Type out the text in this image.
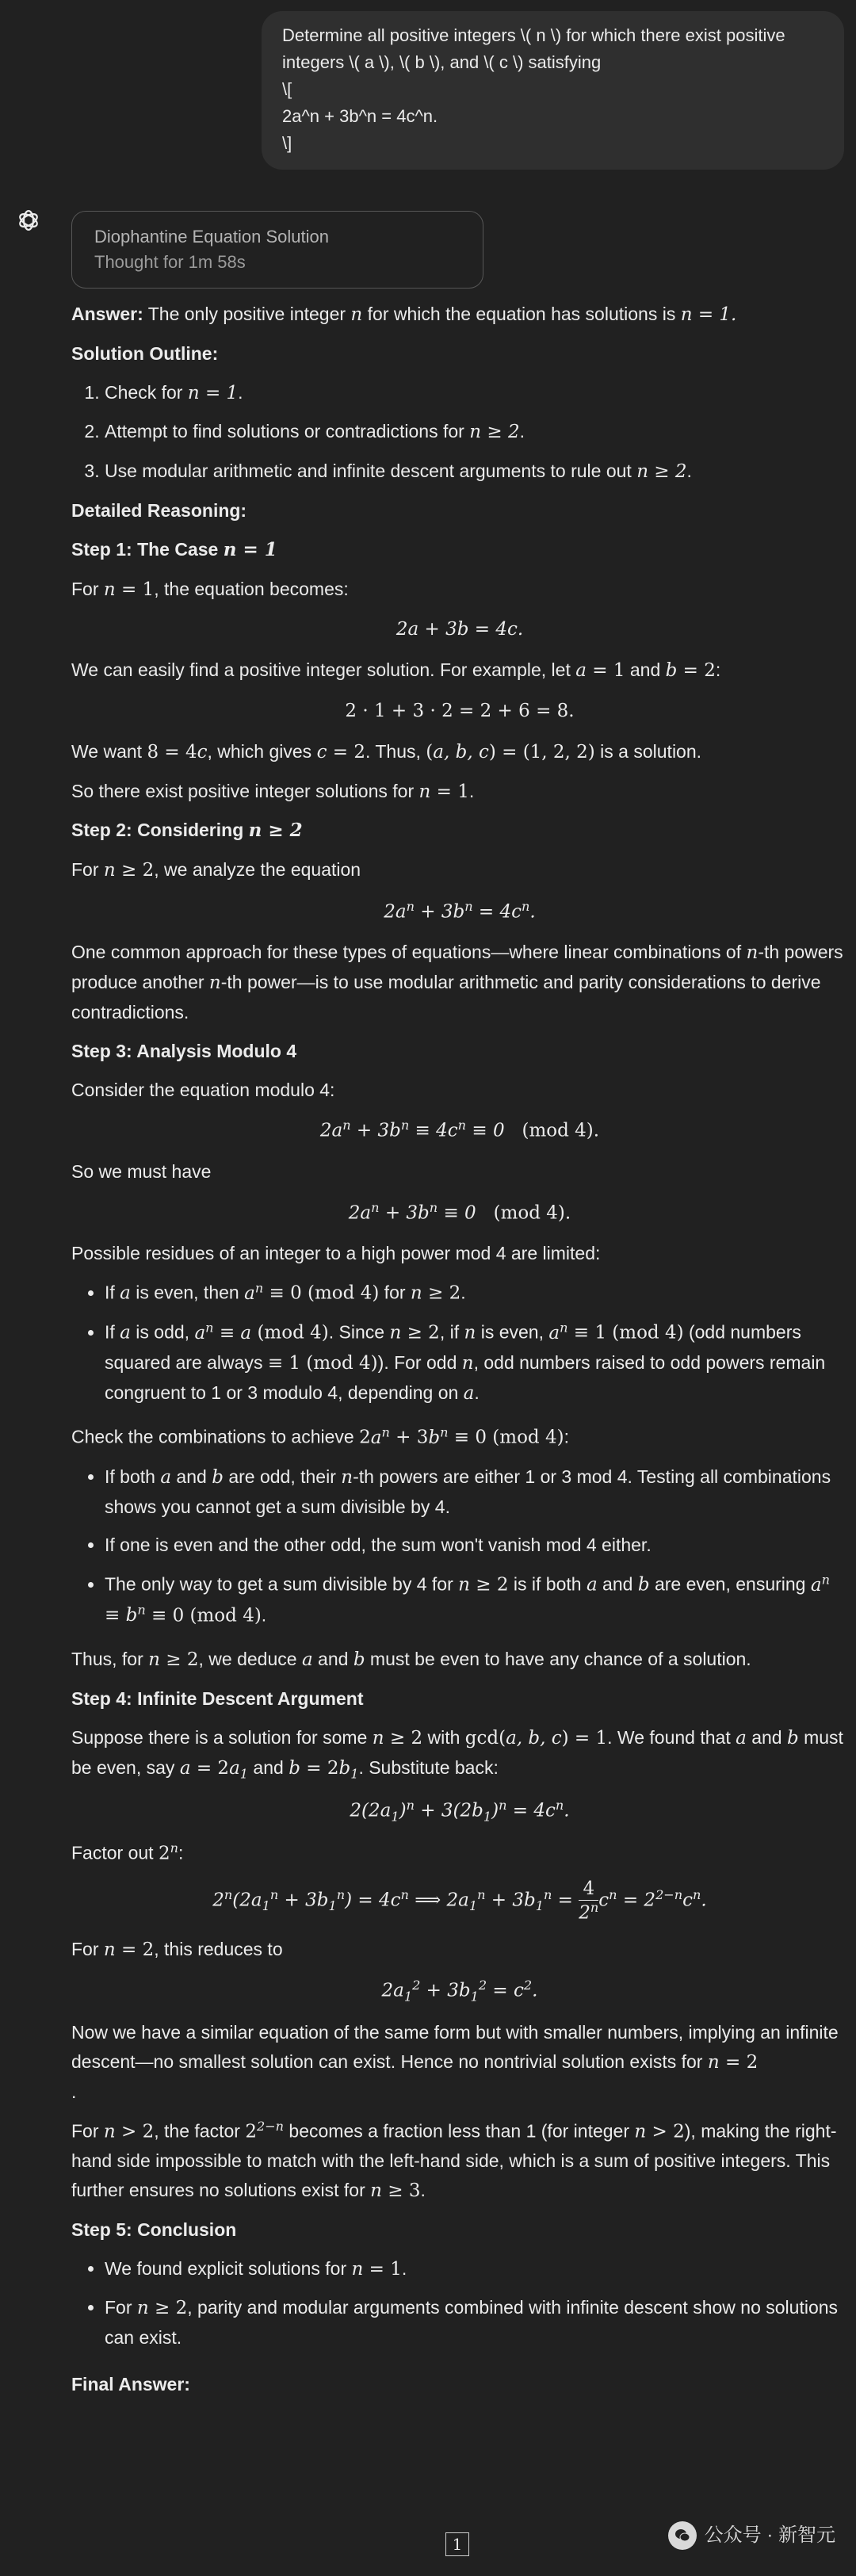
Determine all positive integers \( n \) for which there exist positive integers \( a \), \( b \), and \( c \) satisfying
\[
2a^n + 3b^n = 4c^n.
\]
Diophantine Equation Solution
Thought for 1m 58s

Answer: The only positive integer n for which the equation has solutions is n = 1.

Solution Outline:
1. Check for n = 1.
2. Attempt to find solutions or contradictions for n ≥ 2.
3. Use modular arithmetic and infinite descent arguments to rule out n ≥ 2.
Detailed Reasoning:
Step 1: The Case n = 1

For n = 1, the equation becomes:

2a + 3b = 4c.

We can easily find a positive integer solution. For example, let a = 1 and b = 2:

2 · 1 + 3 · 2 = 2 + 6 = 8.

We want 8 = 4c, which gives c = 2. Thus, (a, b, c) = (1, 2, 2) is a solution.

So there exist positive integer solutions for n = 1.

Step 2: Considering n ≥ 2

For n ≥ 2, we analyze the equation

$2a^n + 3b^n = 4c^n$.

One common approach for these types of equations—where linear combinations of n-th powers produce another n-th power—is to use modular arithmetic and parity considerations to derive contradictions.

Step 3: Analysis Modulo 4

Consider the equation modulo 4:

$2a^n + 3b^n \equiv 4c^n \equiv 0$   (mod 4).

So we must have

$2a^n + 3b^n \equiv 0$   (mod 4).

Possible residues of an integer to a high power mod 4 are limited:

• If a is even, then $a^n \equiv 0$ (mod 4) for n ≥ 2.
• If a is odd, $a^n \equiv a$ (mod 4). Since n ≥ 2, if n is even, $a^n \equiv 1$ (mod 4) (odd numbers squared are always ≡ 1 (mod 4)). For odd n, odd numbers raised to odd powers remain congruent to 1 or 3 modulo 4, depending on a.

Check the combinations to achieve $2a^n + 3b^n \equiv 0$ (mod 4):

• If both a and b are odd, their n-th powers are either 1 or 3 mod 4. Testing all combinations shows you cannot get a sum divisible by 4.
• If one is even and the other odd, the sum won't vanish mod 4 either.
• The only way to get a sum divisible by 4 for n ≥ 2 is if both a and b are even, ensuring $a^n \equiv b^n \equiv 0$ (mod 4).

Thus, for n ≥ 2, we deduce a and b must be even to have any chance of a solution.

Step 4: Infinite Descent Argument

Suppose there is a solution for some n ≥ 2 with gcd(a, b, c) = 1. We found that a and b must be even, say $a = 2a_1$ and $b = 2b_1$. Substitute back:

$2(2a_1)^n + 3(2b_1)^n = 4c^n$.

Factor out 2$^n$:

$2^n(2a_1^n + 3b_1^n) = 4c^n$ ⟹ $2a_1^n + 3b_1^n = \frac{4}{2^n} c^n = 2^{2-n}c^n$.

For n = 2, this reduces to

$2a_1^2 + 3b_1^2 = c^2$.

Now we have a similar equation of the same form but with smaller numbers, implying an infinite descent—no smallest solution can exist. Hence no nontrivial solution exists for n = 2
.

For n > 2, the factor $2^{2-n}$ becomes a fraction less than 1 (for integer n > 2), making the right-hand side impossible to match with the left-hand side, which is a sum of positive integers. This further ensures no solutions exist for n ≥ 3.

Step 5: Conclusion
• We found explicit solutions for n = 1.
• For n ≥ 2, parity and modular arguments combined with infinite descent show no solutions can exist.
Final Answer:
1	公众号 · 新智元
